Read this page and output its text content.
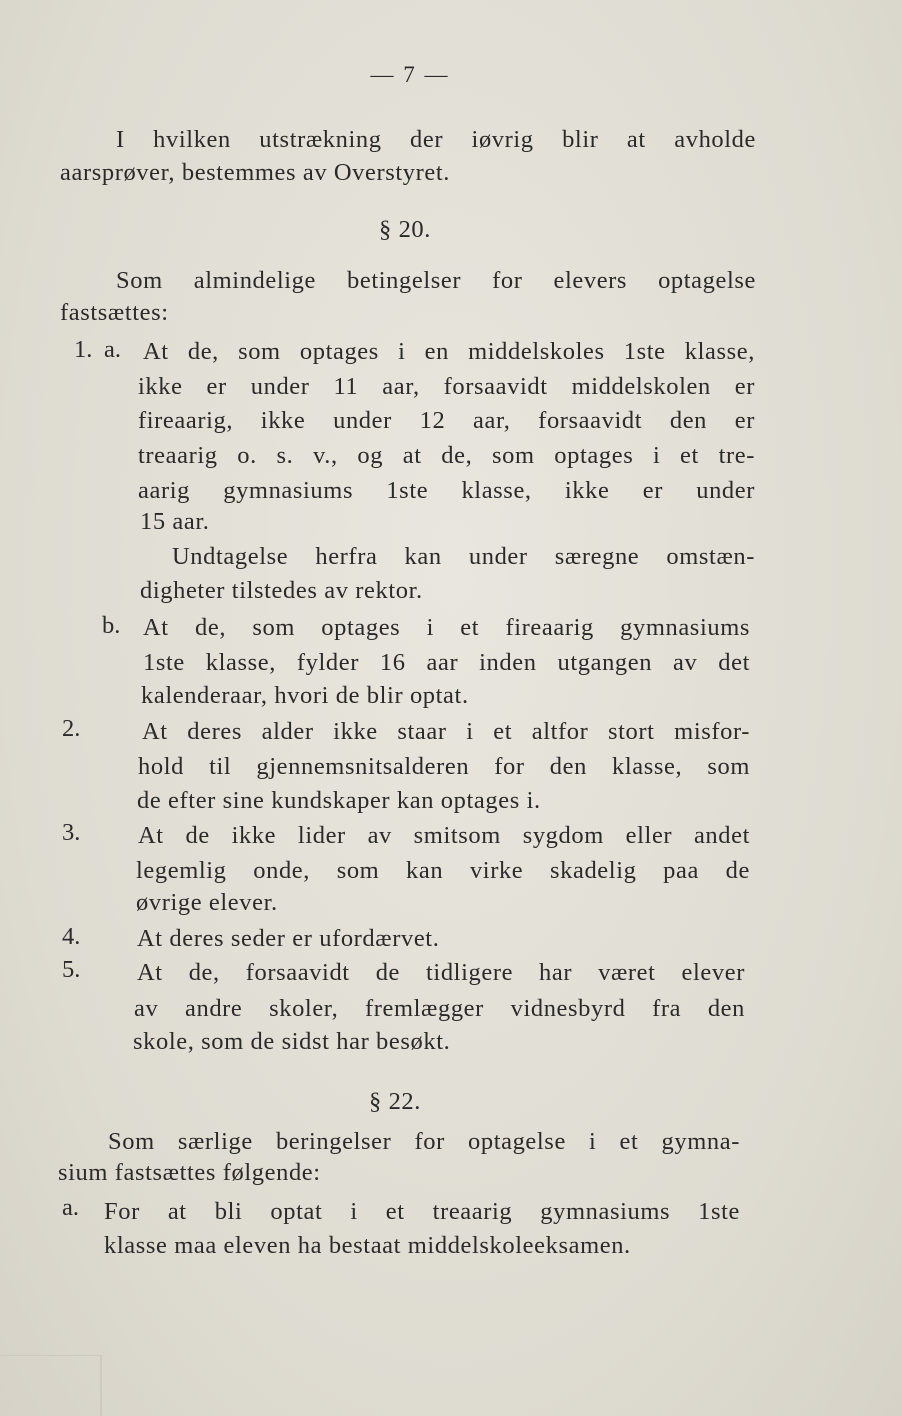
— 7 —
I hvilken utstrækning der iøvrig blir at avholde
aarsprøver, bestemmes av Overstyret.
§ 20.
Som almindelige betingelser for elevers optagelse
fastsættes:
1. a. At de, som optages i en middelskoles 1ste klasse,
ikke er under 11 aar, forsaavidt middelskolen er
fireaarig, ikke under 12 aar, forsaavidt den er
treaarig o. s. v., og at de, som optages i et tre-
aarig gymnasiums 1ste klasse, ikke er under
15 aar.
Undtagelse herfra kan under særegne omstæn-
digheter tilstedes av rektor.
b. At de, som optages i et fireaarig gymnasiums
1ste klasse, fylder 16 aar inden utgangen av det
kalenderaar, hvori de blir optat.
2.	At deres alder ikke staar i et altfor stort misfor-
hold til gjennemsnitsalderen for den klasse, som
de efter sine kundskaper kan optages i.
3. At de ikke lider av smitsom sygdom eller andet
legemlig onde, som kan virke skadelig paa de
øvrige elever.
4. At deres seder er ufordærvet.
5. At de, forsaavidt de tidligere har været elever
av andre skoler, fremlægger vidnesbyrd fra den
skole, som de sidst har besøkt.
§ 22.
Som særlige beringelser for optagelse i et gymna-
sium fastsættes følgende:
a. For at bli optat i et treaarig gymnasiums 1ste
klasse maa eleven ha bestaat middelskoleeksamen.
